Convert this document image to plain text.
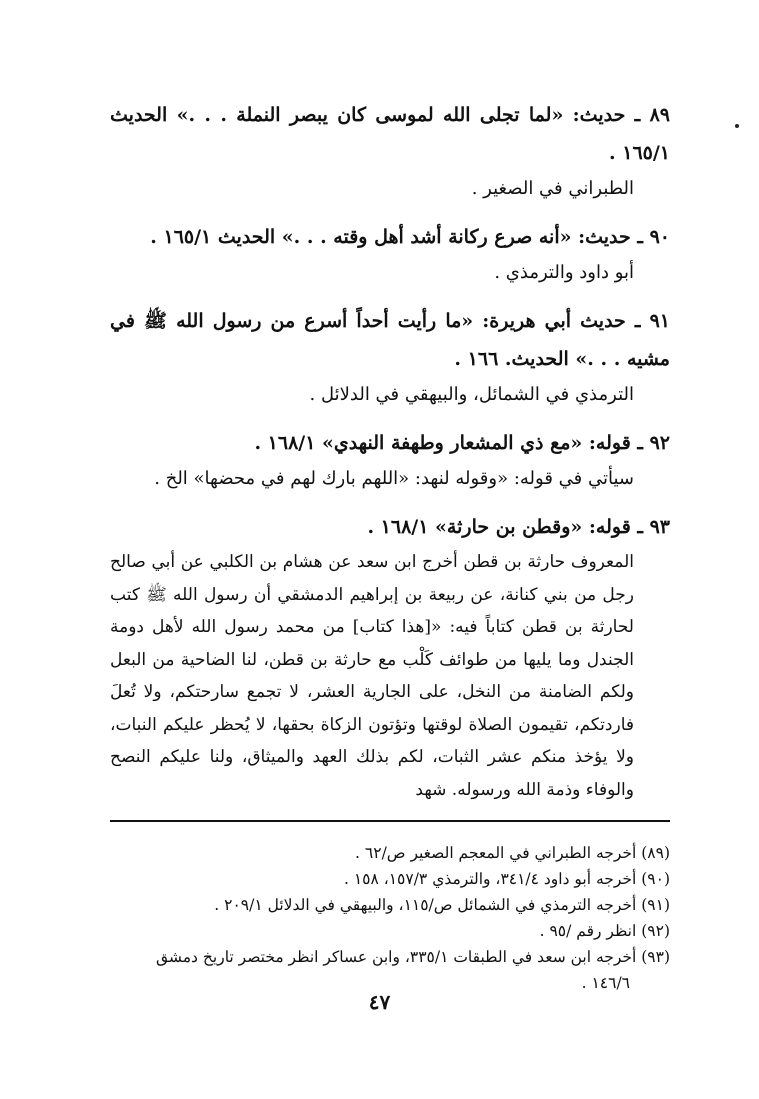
٨٩ ـ حديث: «لما تجلى الله لموسى كان يبصر النملة . . .» الحديث ١٦٥/١ .
الطبراني في الصغير .
٩٠ ـ حديث: «أنه صرع ركانة أشد أهل وقته . . .» الحديث ١٦٥/١ .
أبو داود والترمذي .
٩١ ـ حديث أبي هريرة: «ما رأيت أحداً أسرع من رسول الله ﷺ في مشيه . . .» الحديث. ١٦٦ .
الترمذي في الشمائل، والبيهقي في الدلائل .
٩٢ ـ قوله: «مع ذي المشعار وطهفة النهدي» ١٦٨/١ .
سيأتي في قوله: «وقوله لنهد: «اللهم بارك لهم في محضها» الخ .
٩٣ ـ قوله: «وقطن بن حارثة» ١٦٨/١ .
المعروف حارثة بن قطن أخرج ابن سعد عن هشام بن الكلبي عن أبي صالح رجل من بني كنانة، عن ربيعة بن إبراهيم الدمشقي أن رسول الله ﷺ كتب لحارثة بن قطن كتاباً فيه: «[هذا كتاب] من محمد رسول الله لأهل دومة الجندل وما يليها من طوائف كَلْب مع حارثة بن قطن، لنا الضاحية من البعل ولكم الضامنة من النخل، على الجارية العشر، لا تجمع سارحتكم، ولا تُعلَ فاردتكم، تقيمون الصلاة لوقتها وتؤتون الزكاة بحقها، لا يُحظر عليكم النبات، ولا يؤخذ منكم عشر الثبات، لكم بذلك العهد والميثاق، ولنا عليكم النصح والوفاء وذمة الله ورسوله. شهد
(٨٩) أخرجه الطبراني في المعجم الصغير ص/٦٢ .
(٩٠) أخرجه أبو داود ٣٤١/٤، والترمذي ١٥٧/٣، ١٥٨ .
(٩١) أخرجه الترمذي في الشمائل ص/١١٥، والبيهقي في الدلائل ٢٠٩/١ .
(٩٢) انظر رقم /٩٥ .
(٩٣) أخرجه ابن سعد في الطبقات ٣٣٥/١، وابن عساكر انظر مختصر تاريخ دمشق
١٤٦/٦ .
٤٧
